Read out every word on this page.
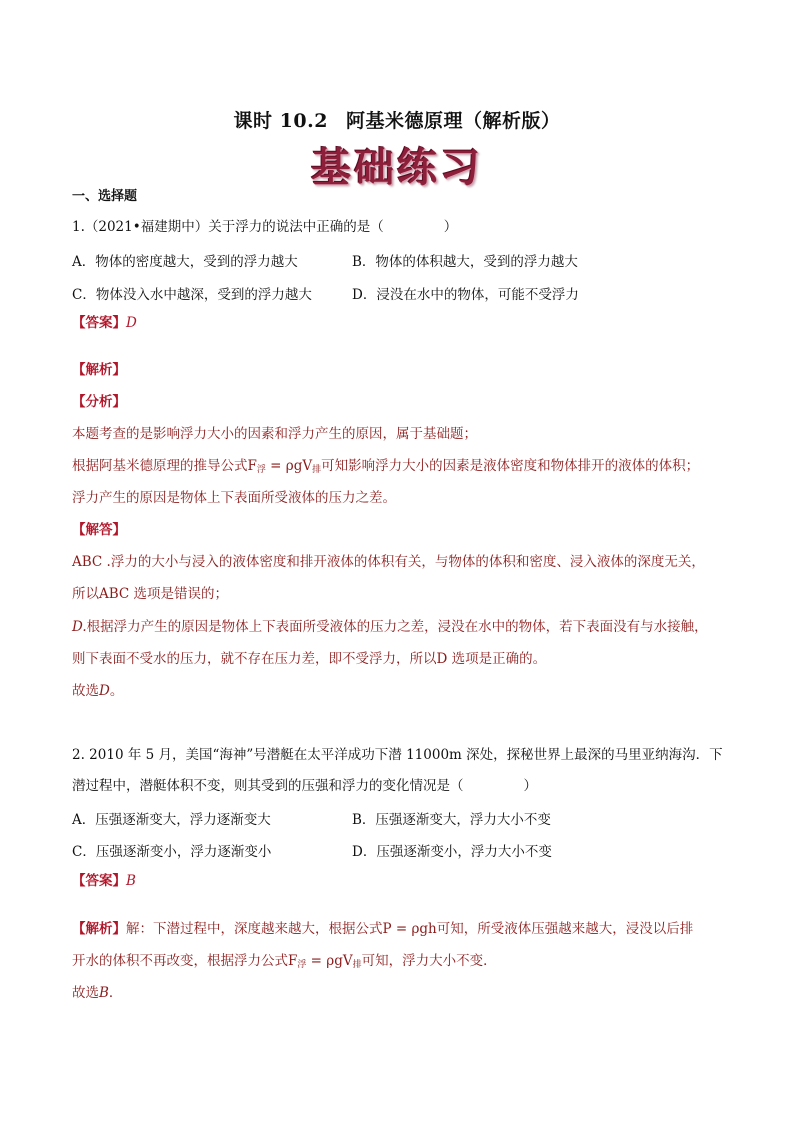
课时 10.2 阿基米德原理（解析版）
基础练习
一、选择题
1.（2021•福建期中）关于浮力的说法中正确的是（	）
A．物体的密度越大，受到的浮力越大	B．物体的体积越大，受到的浮力越大
C．物体没入水中越深，受到的浮力越大	D．浸没在水中的物体，可能不受浮力
【答案】D
【解析】
【分析】
本题考查的是影响浮力大小的因素和浮力产生的原因，属于基础题；
根据阿基米德原理的推导公式$F_浮 = \rho gV_排$可知影响浮力大小的因素是液体密度和物体排开的液体的体积；
浮力产生的原因是物体上下表面所受液体的压力之差。
【解答】
ABC .浮力的大小与浸入的液体密度和排开液体的体积有关，与物体的体积和密度、浸入液体的深度无关，
所以ABC 选项是错误的；
D.根据浮力产生的原因是物体上下表面所受液体的压力之差，浸没在水中的物体，若下表面没有与水接触，
则下表面不受水的压力，就不存在压力差，即不受浮力，所以D 选项是正确的。
故选D。
2. 2010 年 5 月，美国“海神”号潜艇在太平洋成功下潜 11000m 深处，探秘世界上最深的马里亚纳海沟．下
潜过程中，潜艇体积不变，则其受到的压强和浮力的变化情况是（	）
A．压强逐渐变大，浮力逐渐变大	B．压强逐渐变大，浮力大小不变
C．压强逐渐变小，浮力逐渐变小	D．压强逐渐变小，浮力大小不变
【答案】B
【解析】解：下潜过程中，深度越来越大，根据公式P = ρgh可知，所受液体压强越来越大，浸没以后排
开水的体积不再改变，根据浮力公式$F_浮 = \rho gV_排$可知，浮力大小不变．
故选B．
